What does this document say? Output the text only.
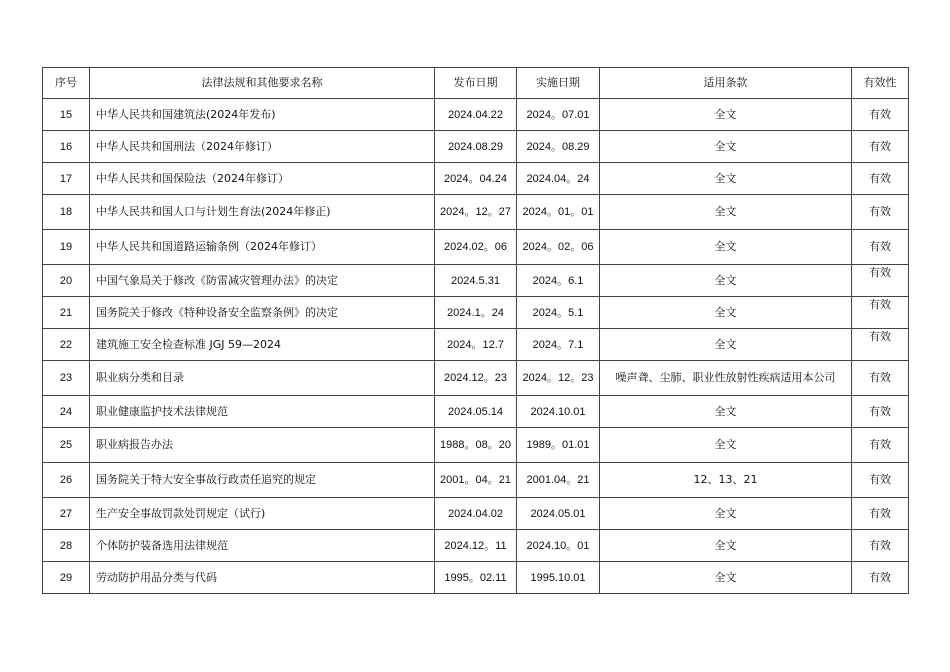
序号	法律法规和其他要求名称	发布日期	实施日期	适用条款	有效性
15	中华人民共和国建筑法(2024年发布)	2024.04.22	2024。07.01	全文	有效
16	中华人民共和国刑法（2024年修订）	2024.08.29	2024。08.29	全文	有效
17	中华人民共和国保险法（2024年修订）	2024。04.24	2024.04。24	全文	有效
18	中华人民共和国人口与计划生育法(2024年修正)	2024。12。27	2024。01。01	全文	有效
19	中华人民共和国道路运输条例（2024年修订）	2024.02。06	2024。02。06	全文	有效
20	中国气象局关于修改《防雷减灾管理办法》的决定	2024.5.31	2024。6.1	全文	有效
21	国务院关于修改《特种设备安全监察条例》的决定	2024.1。24	2024。5.1	全文	有效
22	建筑施工安全检查标准 JGJ 59—2024	2024。12.7	2024。7.1	全文	有效
23	职业病分类和目录	2024.12。23	2024。12。23	噪声聋、尘肺、职业性放射性疾病适用本公司	有效
24	职业健康监护技术法律规范	2024.05.14	2024.10.01	全文	有效
25	职业病报告办法	1988。08。20	1989。01.01	全文	有效
26	国务院关于特大安全事故行政责任追究的规定	2001。04。21	2001.04。21	12、13、21	有效
27	生产安全事故罚款处罚规定（试行)	2024.04.02	2024.05.01	全文	有效
28	个体防护装备选用法律规范	2024.12。11	2024.10。01	全文	有效
29	劳动防护用品分类与代码	1995。02.11	1995.10.01	全文	有效
